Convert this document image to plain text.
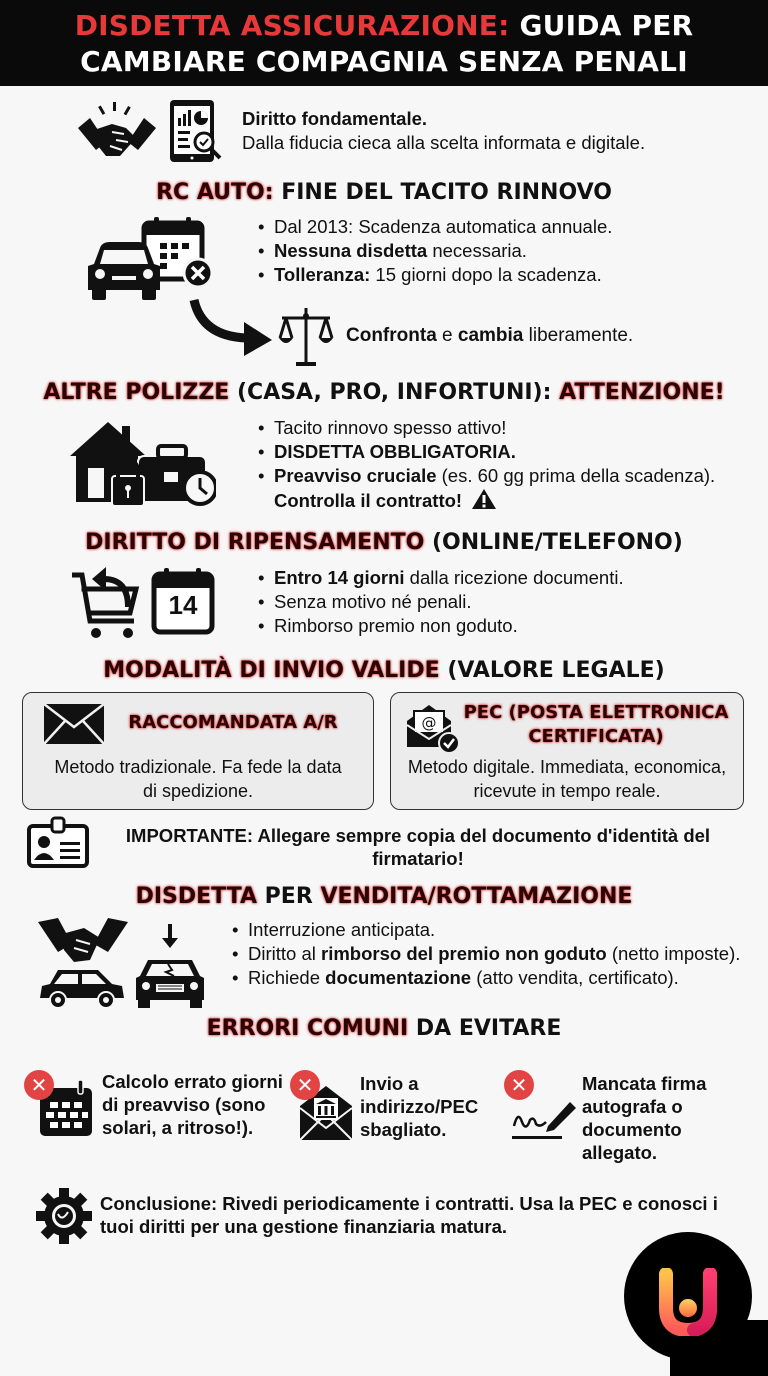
DISDETTA ASSICURAZIONE: GUIDA PER
CAMBIARE COMPAGNIA SENZA PENALI
Diritto fondamentale.
Dalla fiducia cieca alla scelta informata e digitale.
RC AUTO: FINE DEL TACITO RINNOVO
• Dal 2013: Scadenza automatica annuale.
• Nessuna disdetta necessaria.
• Tolleranza: 15 giorni dopo la scadenza.
Confronta e cambia liberamente.
ALTRE POLIZZE (CASA, PRO, INFORTUNI): ATTENZIONE!
• Tacito rinnovo spesso attivo!
• DISDETTA OBBLIGATORIA.
• Preavviso cruciale (es. 60 gg prima della scadenza). Controlla il contratto!
DIRITTO DI RIPENSAMENTO (ONLINE/TELEFONO)
14
• Entro 14 giorni dalla ricezione documenti.
• Senza motivo né penali.
• Rimborso premio non goduto.
MODALITÀ DI INVIO VALIDE (VALORE LEGALE)
RACCOMANDATA A/R
Metodo tradizionale. Fa fede la data di spedizione.
@ PEC (POSTA ELETTRONICA CERTIFICATA)
Metodo digitale. Immediata, economica, ricevute in tempo reale.
IMPORTANTE: Allegare sempre copia del documento d'identità del firmatario!
DISDETTA PER VENDITA/ROTTAMAZIONE
• Interruzione anticipata.
• Diritto al rimborso del premio non goduto (netto imposte).
• Richiede documentazione (atto vendita, certificato).
ERRORI COMUNI DA EVITARE
✕	Calcolo errato giorni di preavviso (sono solari, a ritroso!).
✕	Invio a indirizzo/PEC sbagliato.
✕	Mancata firma autografa o documento allegato.
Conclusione: Rivedi periodicamente i contratti. Usa la PEC e conosci i tuoi diritti per una gestione finanziaria matura.
